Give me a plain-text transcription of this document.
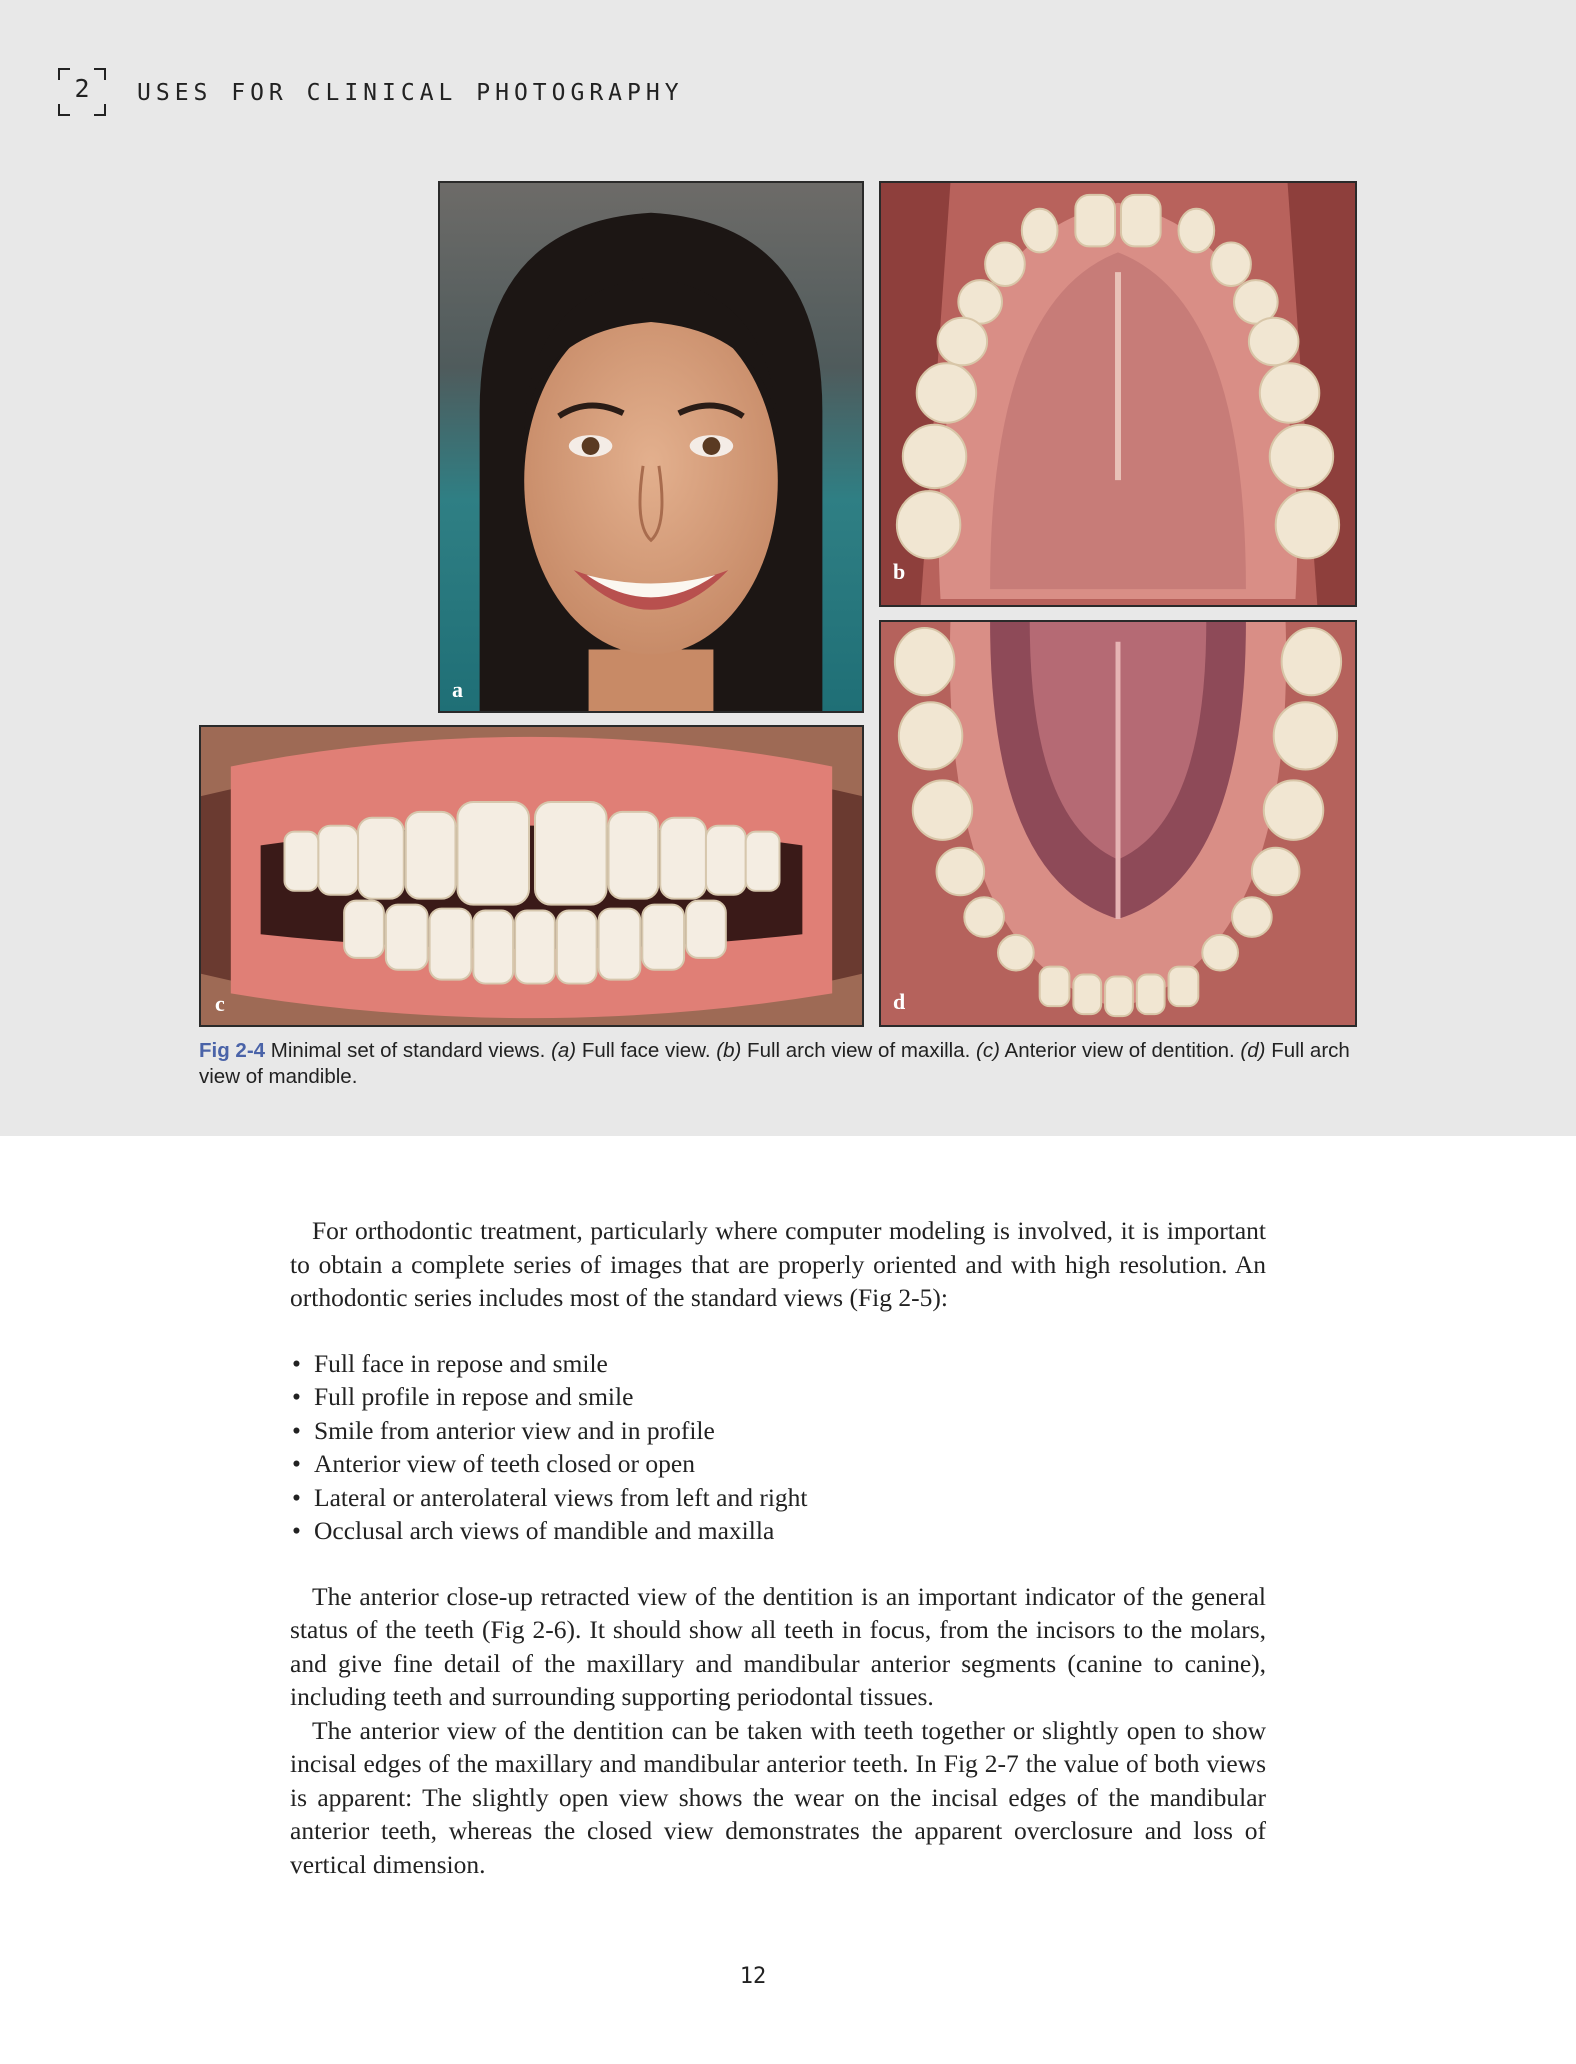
2	USES FOR CLINICAL PHOTOGRAPHY
a
b
c	d
Fig 2-4 Minimal set of standard views. (a) Full face view. (b) Full arch view of maxilla. (c) Anterior view of dentition. (d) Full arch view of mandible.

For orthodontic treatment, particularly where computer modeling is involved, it is important to obtain a complete series of images that are properly oriented and with high resolution. An orthodontic series includes most of the standard views (Fig 2-5):

• Full face in repose and smile
• Full profile in repose and smile
• Smile from anterior view and in profile
• Anterior view of teeth closed or open
• Lateral or anterolateral views from left and right
• Occlusal arch views of mandible and maxilla

The anterior close-up retracted view of the dentition is an important indicator of the general status of the teeth (Fig 2-6). It should show all teeth in focus, from the incisors to the molars, and give fine detail of the maxillary and mandibular anterior segments (canine to canine), including teeth and surrounding supporting periodontal tissues.

The anterior view of the dentition can be taken with teeth together or slightly open to show incisal edges of the maxillary and mandibular anterior teeth. In Fig 2-7 the value of both views is apparent: The slightly open view shows the wear on the incisal edges of the mandibular anterior teeth, whereas the closed view demonstrates the apparent overclosure and loss of vertical dimension.

12
